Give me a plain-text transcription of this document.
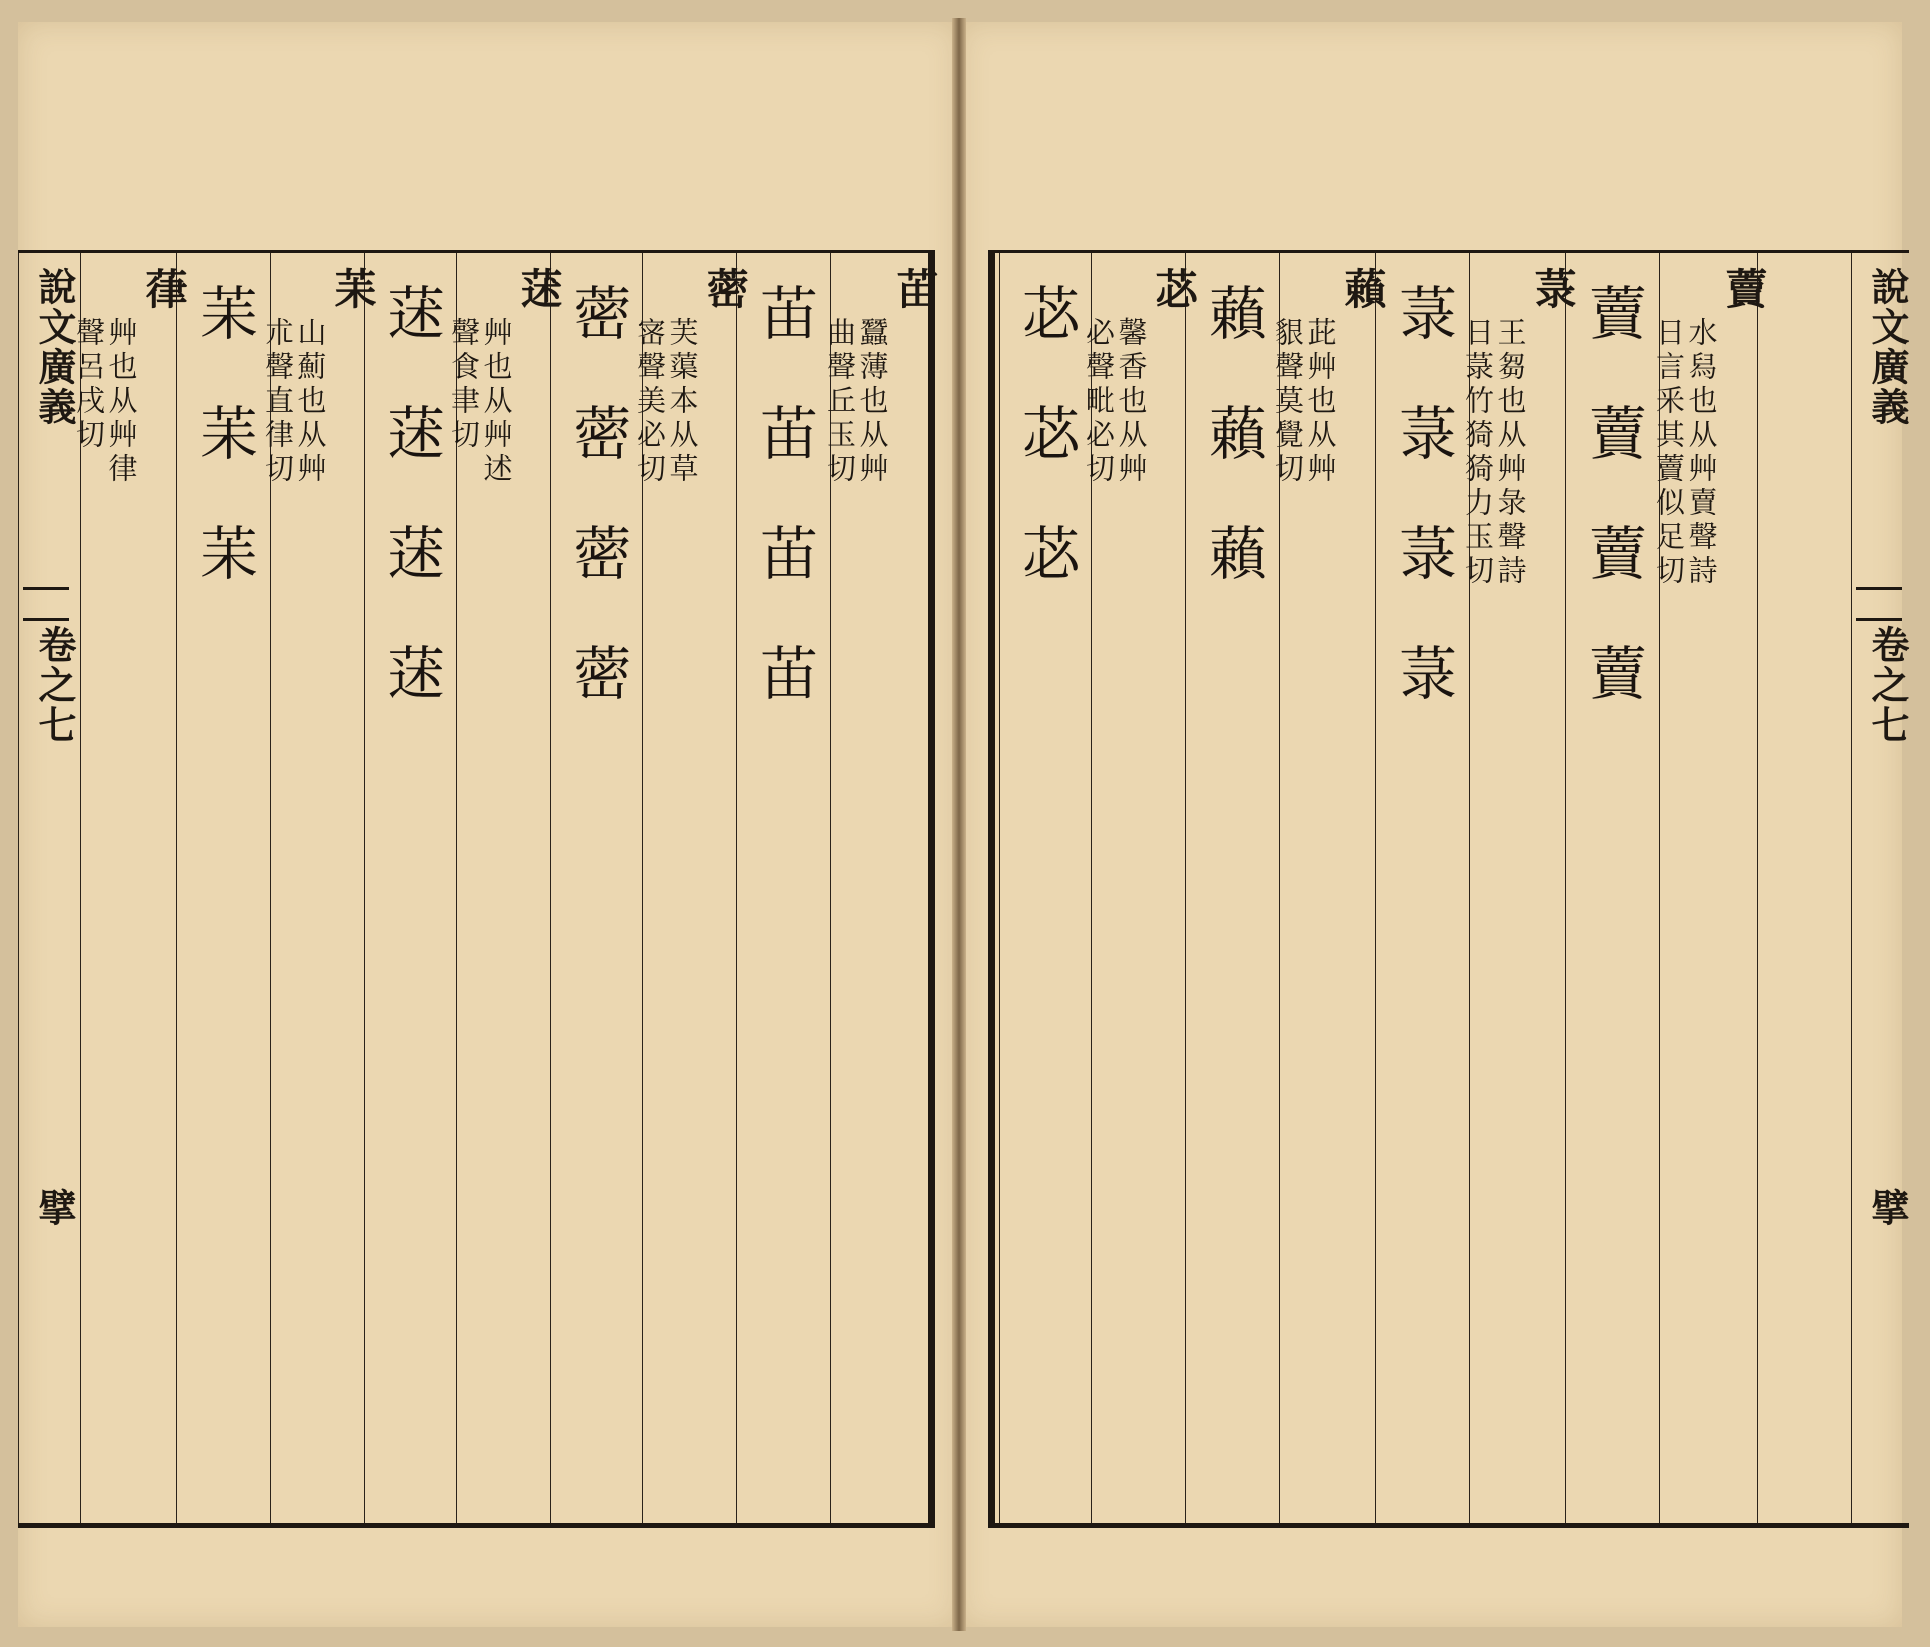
苖
蠶薄也从艸
曲聲丘玉切
苖苖苖苖
蔤
芙蕖本从草
宻聲美必切
蔤蔤蔤蔤
蒁
艸也从艸述
聲食聿切
蒁蒁蒁蒁
苿
山薊也从艸
朮聲直律切
苿苿苿
葎
艸也从艸律
聲呂戌切
說文廣義
卷之七
擘
說文廣義
卷之七
擘
藚
水舄也从艸賣聲詩
日言釆其藚似足切
藚藚藚藚
菉
王芻也从艸彔聲詩
日菉竹猗猗力玉切
菉菉菉菉
藾
茈艸也从艸
貇聲莫覺切
藾藾藾
苾
馨香也从艸
必聲毗必切
苾苾苾
